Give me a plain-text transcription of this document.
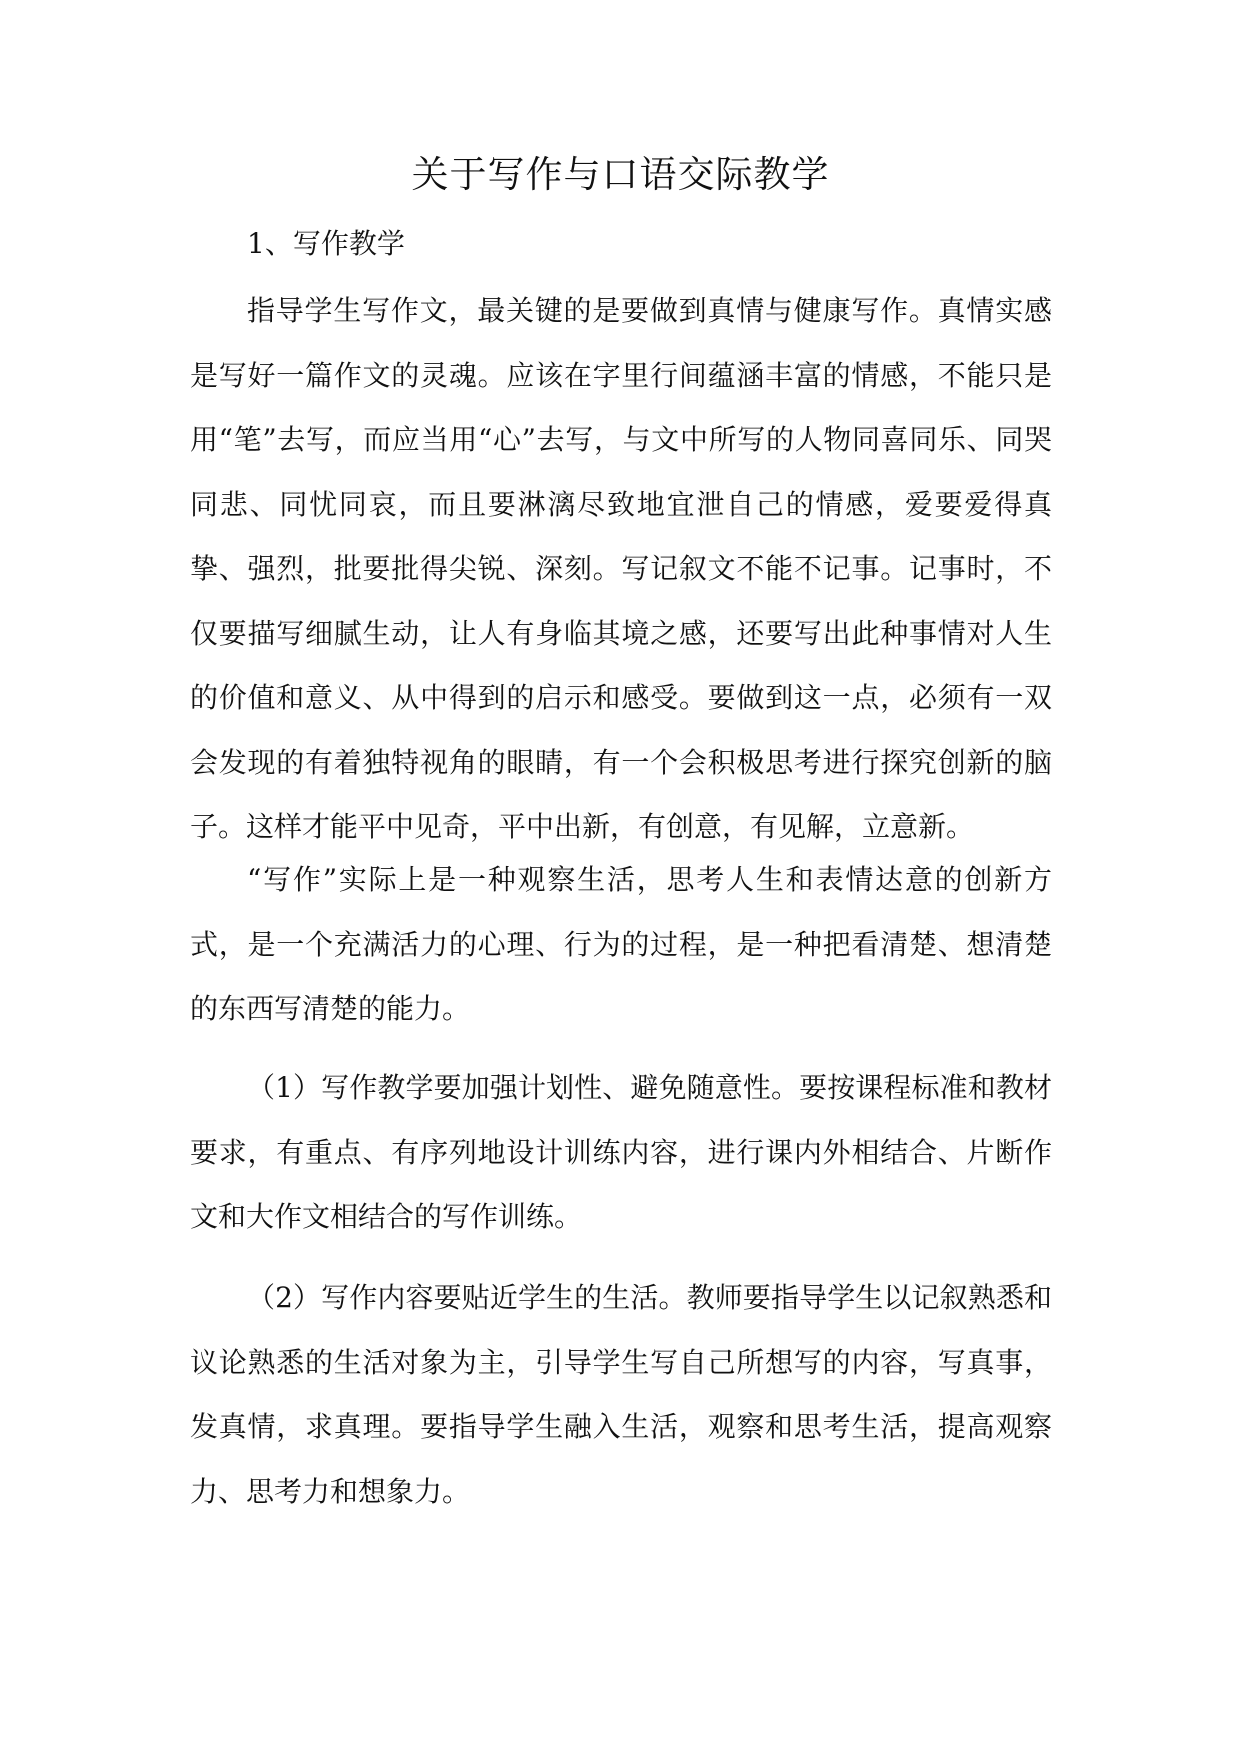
关于写作与口语交际教学
1、写作教学

指导学生写作文，最关键的是要做到真情与健康写作。真情实感是写好一篇作文的灵魂。应该在字里行间蕴涵丰富的情感，不能只是用“笔”去写，而应当用“心”去写，与文中所写的人物同喜同乐、同哭同悲、同忧同哀，而且要淋漓尽致地宜泄自己的情感，爱要爱得真挚、强烈，批要批得尖锐、深刻。写记叙文不能不记事。记事时，不仅要描写细腻生动，让人有身临其境之感，还要写出此种事情对人生的价值和意义、从中得到的启示和感受。要做到这一点，必须有一双会发现的有着独特视角的眼睛，有一个会积极思考进行探究创新的脑子。这样才能平中见奇，平中出新，有创意，有见解，立意新。

“写作”实际上是一种观察生活，思考人生和表情达意的创新方式，是一个充满活力的心理、行为的过程，是一种把看清楚、想清楚的东西写清楚的能力。

（1）写作教学要加强计划性、避免随意性。要按课程标准和教材要求，有重点、有序列地设计训练内容，进行课内外相结合、片断作文和大作文相结合的写作训练。

（2）写作内容要贴近学生的生活。教师要指导学生以记叙熟悉和议论熟悉的生活对象为主，引导学生写自己所想写的内容，写真事，发真情，求真理。要指导学生融入生活，观察和思考生活，提高观察力、思考力和想象力。
